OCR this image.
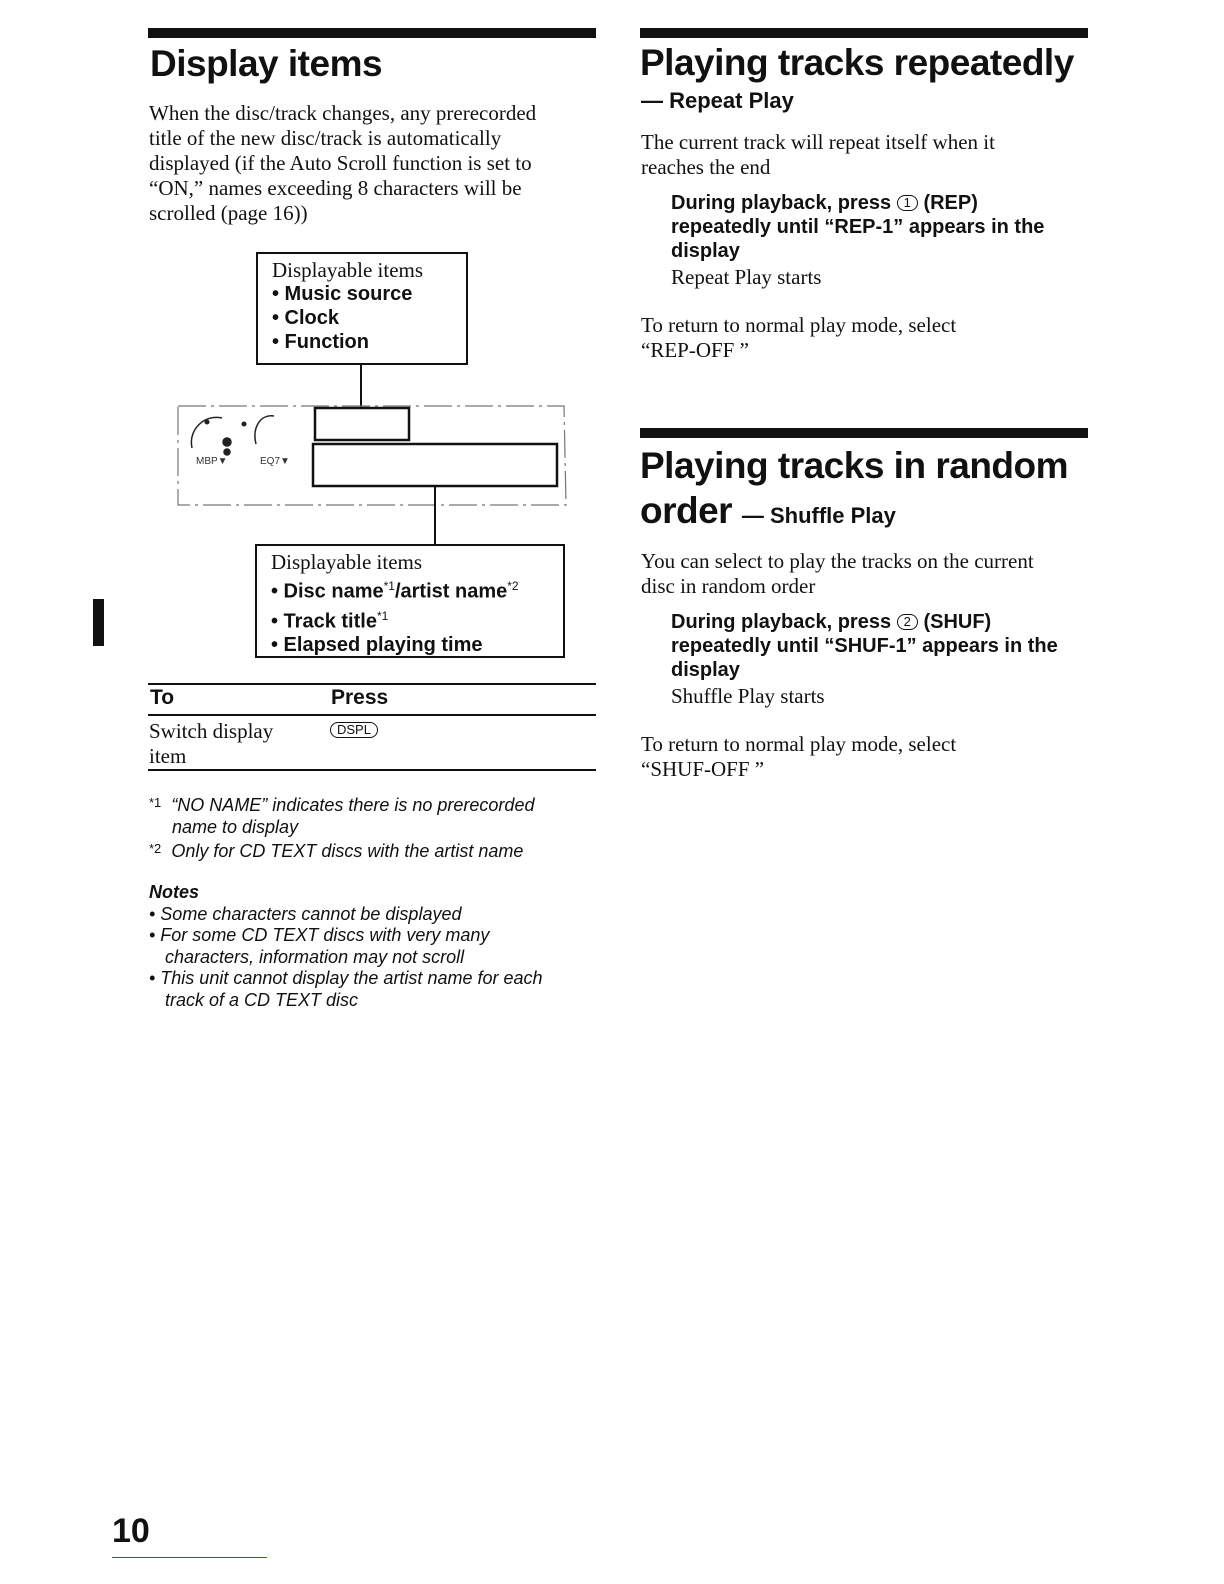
Display items
When the disc/track changes, any prerecorded
title of the new disc/track is automatically
displayed (if the Auto Scroll function is set to
“ON,” names exceeding 8 characters will be
scrolled (page 16))
Displayable items
• Music source
• Clock
• Function
MBP▼	EQ7▼
Displayable items
• Disc name$^{*1}$/artist name$^{*2}$
• Track title$^{*1}$
• Elapsed playing time
To	Press
Switch display
item
DSPL
$^{*1}$ “NO NAME” indicates there is no prerecorded
name to display
$^{*2}$ Only for CD TEXT discs with the artist name
Notes
• Some characters cannot be displayed
• For some CD TEXT discs with very many
characters, information may not scroll
• This unit cannot display the artist name for each
track of a CD TEXT disc
Playing tracks repeatedly
— Repeat Play
The current track will repeat itself when it
reaches the end
During playback, press 1 (REP)
repeatedly until “REP-1” appears in the
display
Repeat Play starts
To return to normal play mode, select
“REP-OFF ”
Playing tracks in random
order — Shuffle Play
You can select to play the tracks on the current
disc in random order
During playback, press 2 (SHUF)
repeatedly until “SHUF-1” appears in the
display
Shuffle Play starts
To return to normal play mode, select
“SHUF-OFF ”
10
